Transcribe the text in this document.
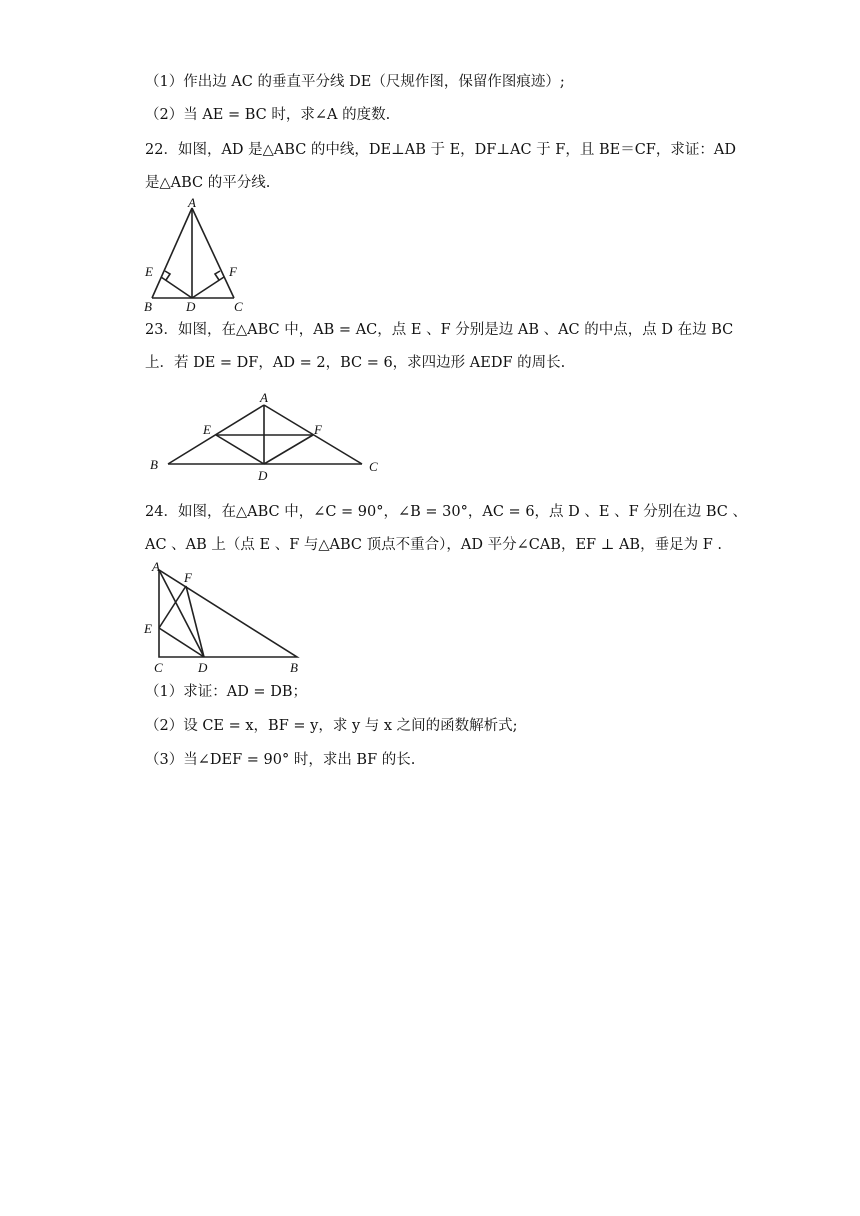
（1）作出边 AC 的垂直平分线 DE（尺规作图，保留作图痕迹）;
（2）当 AE = BC 时，求∠A 的度数.
22．如图，AD 是△ABC 的中线，DE⊥AB 于 E，DF⊥AC 于 F，且 BE＝CF，求证：AD
是△ABC 的平分线.
A
E	F
B	D	C
23．如图，在△ABC 中，AB = AC，点 E 、F 分别是边 AB 、AC 的中点，点 D 在边 BC
上．若 DE = DF，AD = 2，BC = 6，求四边形 AEDF 的周长.
A
E	F
B
D
C
24．如图，在△ABC 中，∠C = 90°，∠B = 30°，AC = 6，点 D 、E 、F 分别在边 BC 、
AC 、AB 上（点 E 、F 与△ABC 顶点不重合），AD 平分∠CAB，EF ⊥ AB，垂足为 F .
A
F
E
C	D	B
（1）求证：AD = DB；
（2）设 CE = x，BF = y，求 y 与 x 之间的函数解析式;
（3）当∠DEF = 90° 时，求出 BF 的长.
